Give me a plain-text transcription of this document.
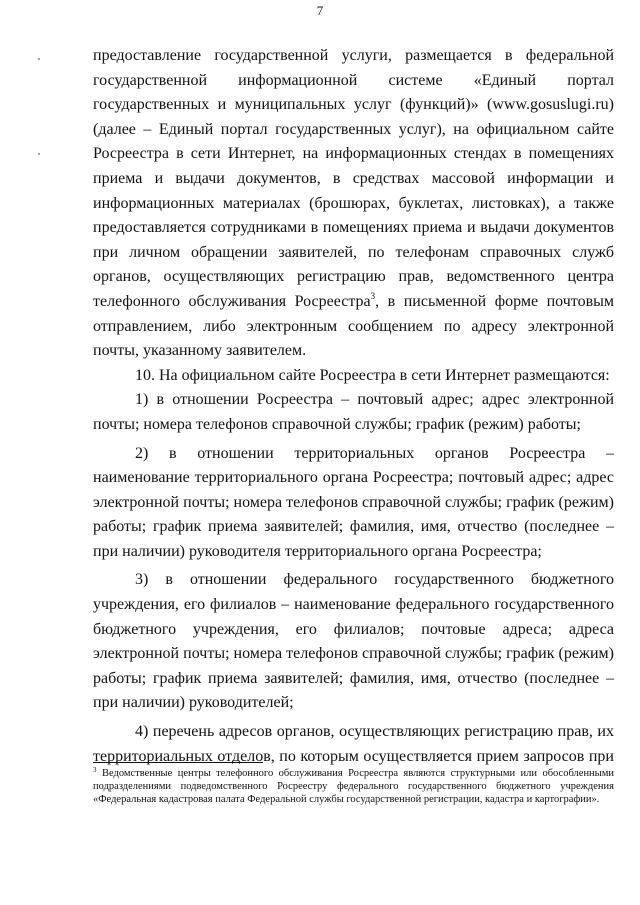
7

предоставление государственной услуги, размещается в федеральной государственной информационной системе «Единый портал государственных и муниципальных услуг (функций)» (www.gosuslugi.ru) (далее – Единый портал государственных услуг), на официальном сайте Росреестра в сети Интернет, на информационных стендах в помещениях приема и выдачи документов, в средствах массовой информации и информационных материалах (брошюрах, буклетах, листовках), а также предоставляется сотрудниками в помещениях приема и выдачи документов при личном обращении заявителей, по телефонам справочных служб органов, осуществляющих регистрацию прав, ведомственного центра телефонного обслуживания Росреестра$^3$, в письменной форме почтовым отправлением, либо электронным сообщением по адресу электронной почты, указанному заявителем.

10. На официальном сайте Росреестра в сети Интернет размещаются:

1) в отношении Росреестра – почтовый адрес; адрес электронной почты; номера телефонов справочной службы; график (режим) работы;

2) в отношении территориальных органов Росреестра – наименование территориального органа Росреестра; почтовый адрес; адрес электронной почты; номера телефонов справочной службы; график (режим) работы; график приема заявителей; фамилия, имя, отчество (последнее – при наличии) руководителя территориального органа Росреестра;

3) в отношении федерального государственного бюджетного учреждения, его филиалов – наименование федерального государственного бюджетного учреждения, его филиалов; почтовые адреса; адреса электронной почты; номера телефонов справочной службы; график (режим) работы; график приема заявителей; фамилия, имя, отчество (последнее – при наличии) руководителей;

4) перечень адресов органов, осуществляющих регистрацию прав, их территориальных отделов, по которым осуществляется прием запросов при

$^3$ Ведомственные центры телефонного обслуживания Росреестра являются структурными или обособленными подразделениями подведомственного Росреестру федерального государственного бюджетного учреждения «Федеральная кадастровая палата Федеральной службы государственной регистрации, кадастра и картографии».
